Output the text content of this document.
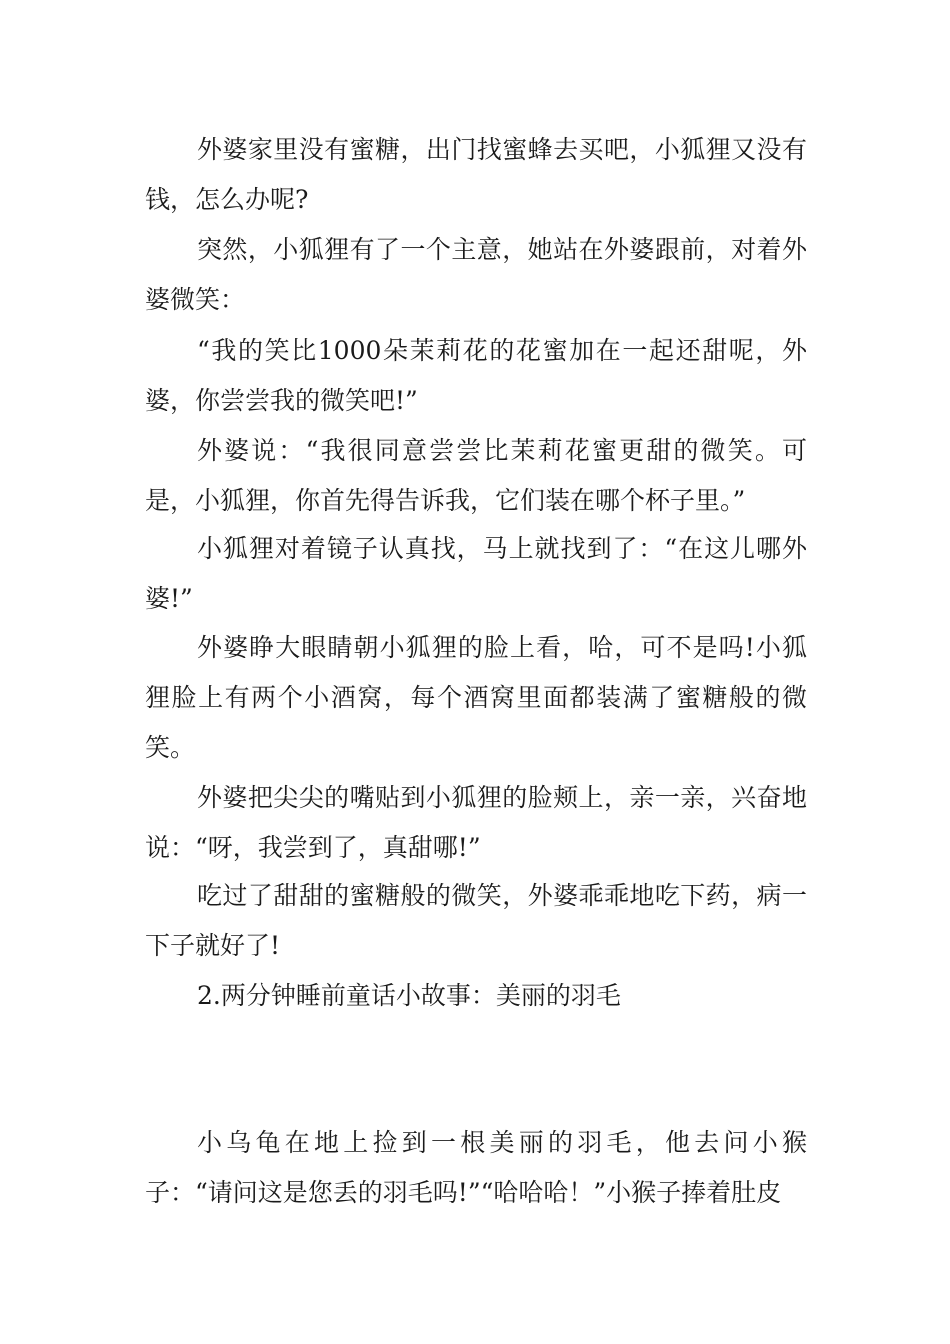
外婆家里没有蜜糖，出门找蜜蜂去买吧，小狐狸又没有钱，怎么办呢?

突然，小狐狸有了一个主意，她站在外婆跟前，对着外婆微笑：

“我的笑比1000朵茉莉花的花蜜加在一起还甜呢，外婆，你尝尝我的微笑吧!”

外婆说：“我很同意尝尝比茉莉花蜜更甜的微笑。可是，小狐狸，你首先得告诉我，它们装在哪个杯子里。”

小狐狸对着镜子认真找，马上就找到了：“在这儿哪外婆!”

外婆睁大眼睛朝小狐狸的脸上看，哈，可不是吗!小狐狸脸上有两个小酒窝，每个酒窝里面都装满了蜜糖般的微笑。

外婆把尖尖的嘴贴到小狐狸的脸颊上，亲一亲，兴奋地说：“呀，我尝到了，真甜哪!”

吃过了甜甜的蜜糖般的微笑，外婆乖乖地吃下药，病一下子就好了!

2.两分钟睡前童话小故事：美丽的羽毛

小乌龟在地上捡到一根美丽的羽毛，他去问小猴子：“请问这是您丢的羽毛吗!”“哈哈哈！”小猴子捧着肚皮
